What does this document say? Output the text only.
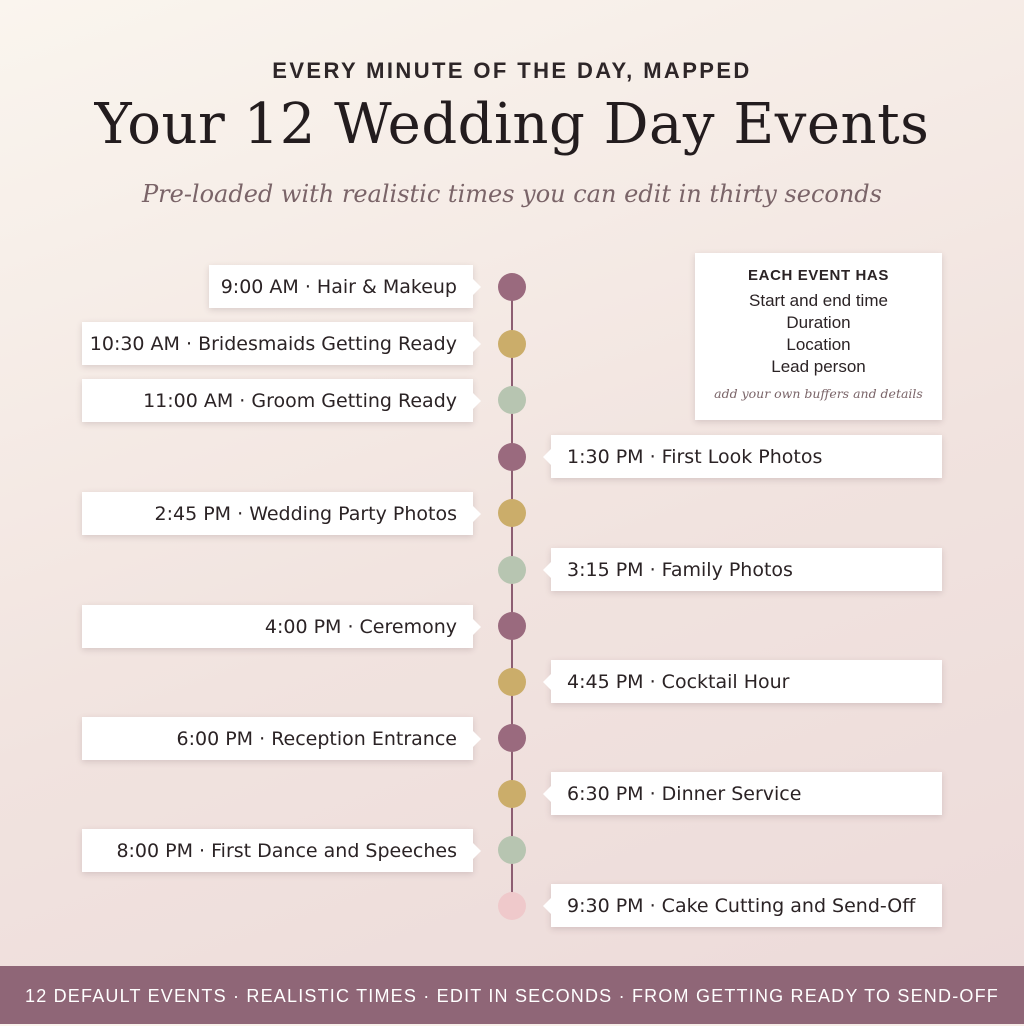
EVERY MINUTE OF THE DAY, MAPPED
Your 12 Wedding Day Events
Pre-loaded with realistic times you can edit in thirty seconds
9:00 AM · Hair & Makeup
10:30 AM · Bridesmaids Getting Ready
11:00 AM · Groom Getting Ready
1:30 PM · First Look Photos
2:45 PM · Wedding Party Photos
3:15 PM · Family Photos
4:00 PM · Ceremony
4:45 PM · Cocktail Hour
6:00 PM · Reception Entrance
6:30 PM · Dinner Service
8:00 PM · First Dance and Speeches
9:30 PM · Cake Cutting and Send-Off
EACH EVENT HAS
Start and end time
Duration
Location
Lead person
add your own buffers and details
12 DEFAULT EVENTS · REALISTIC TIMES · EDIT IN SECONDS · FROM GETTING READY TO SEND-OFF
